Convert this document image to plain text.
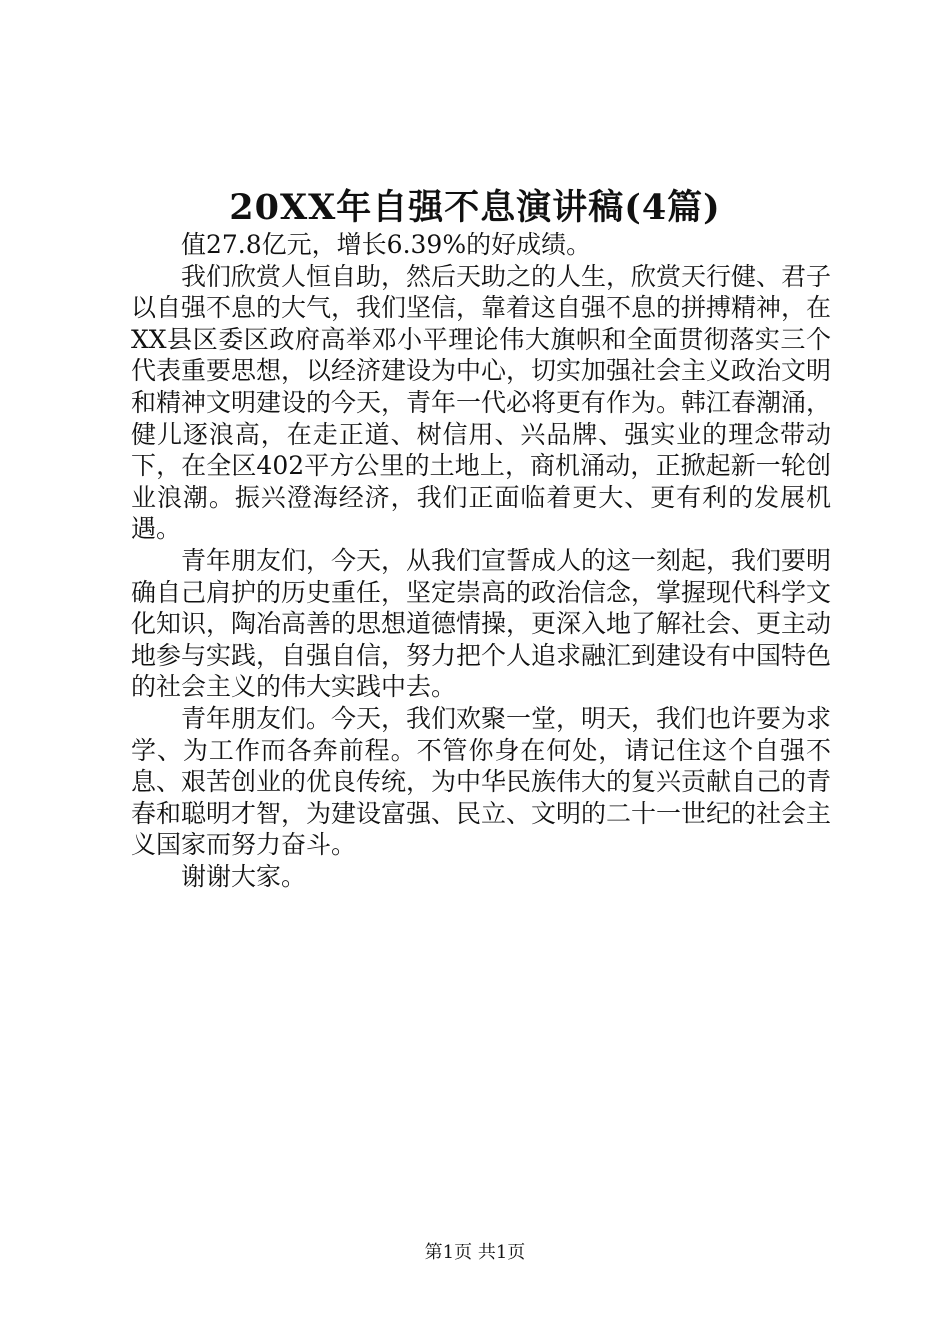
20XX年自强不息演讲稿(4篇)

值27.8亿元，增长6.39%的好成绩。

我们欣赏人恒自助，然后天助之的人生，欣赏天行健、君子以自强不息的大气，我们坚信，靠着这自强不息的拼搏精神，在XX县区委区政府高举邓小平理论伟大旗帜和全面贯彻落实三个代表重要思想，以经济建设为中心，切实加强社会主义政治文明和精神文明建设的今天，青年一代必将更有作为。韩江春潮涌，健儿逐浪高，在走正道、树信用、兴品牌、强实业的理念带动下，在全区402平方公里的土地上，商机涌动，正掀起新一轮创业浪潮。振兴澄海经济，我们正面临着更大、更有利的发展机遇。

青年朋友们，今天，从我们宣誓成人的这一刻起，我们要明确自己肩护的历史重任，坚定崇高的政治信念，掌握现代科学文化知识，陶冶高善的思想道德情操，更深入地了解社会、更主动地参与实践，自强自信，努力把个人追求融汇到建设有中国特色的社会主义的伟大实践中去。

青年朋友们。今天，我们欢聚一堂，明天，我们也许要为求学、为工作而各奔前程。不管你身在何处，请记住这个自强不息、艰苦创业的优良传统，为中华民族伟大的复兴贡献自己的青春和聪明才智，为建设富强、民立、文明的二十一世纪的社会主义国家而努力奋斗。

谢谢大家。

第1页 共1页
